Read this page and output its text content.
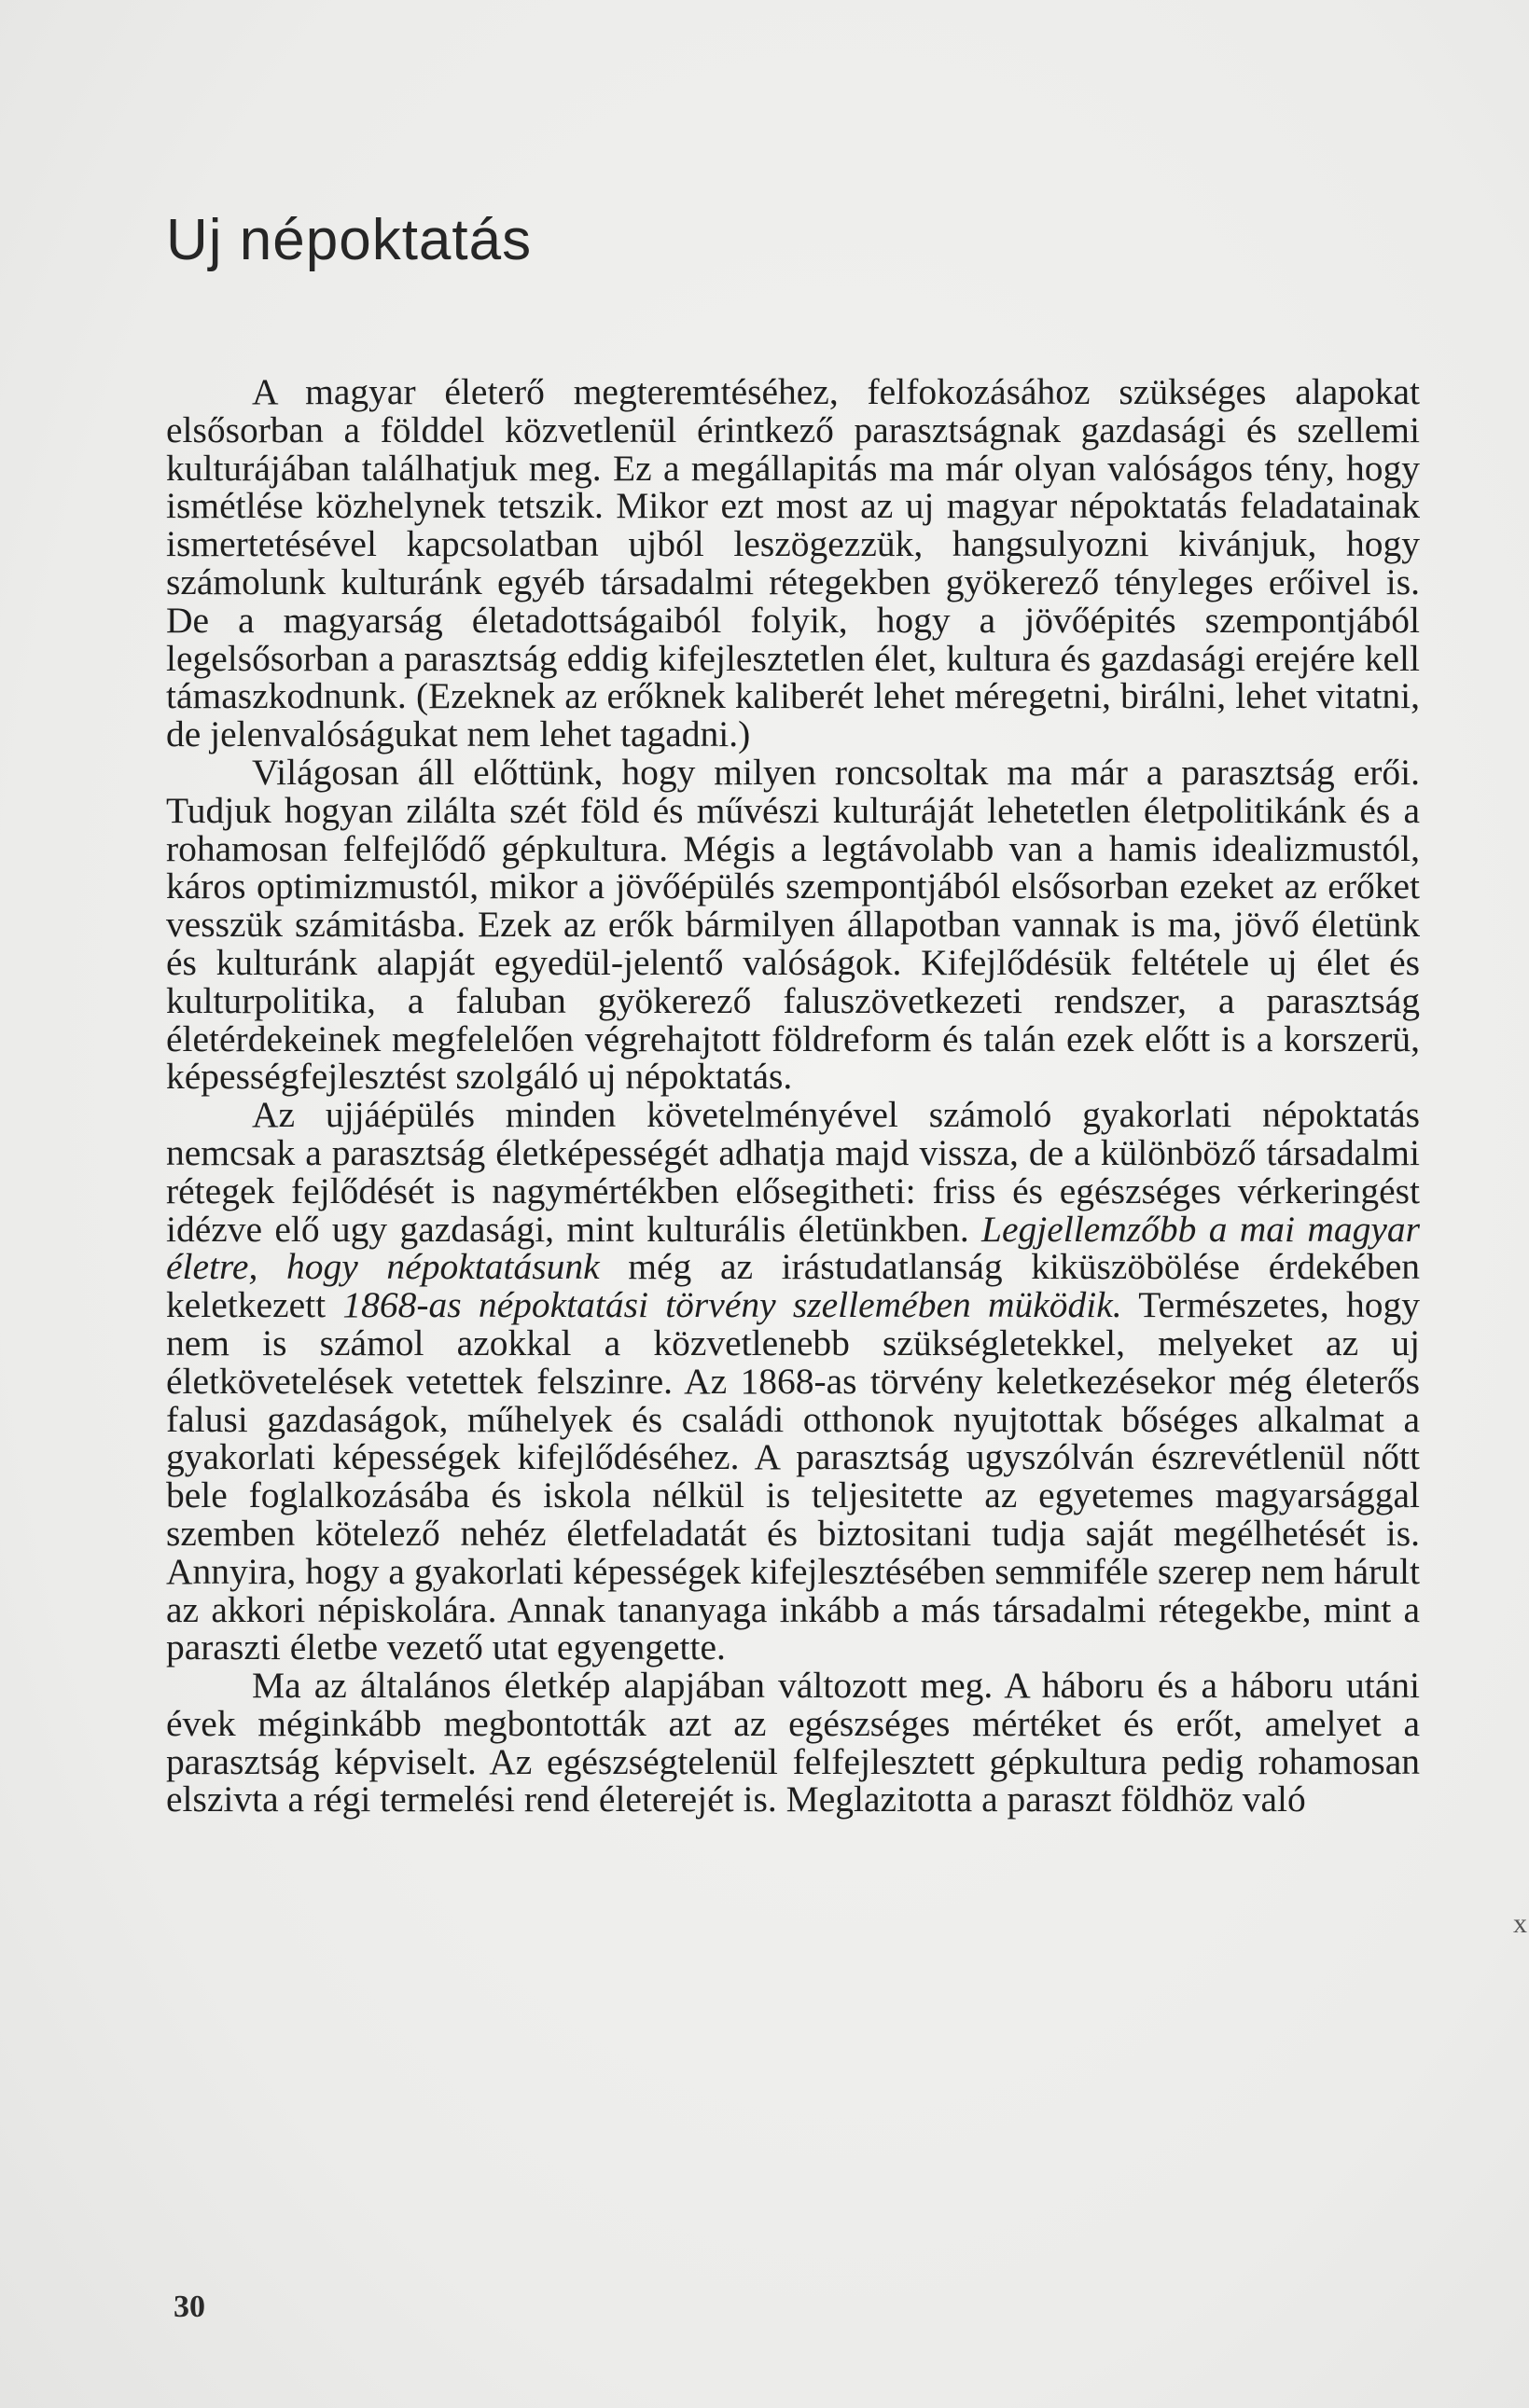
Uj népoktatás

A magyar életerő megteremtéséhez, felfokozásához szükséges alapokat elsősorban a földdel közvetlenül érintkező parasztságnak gazdasági és szellemi kulturájában találhatjuk meg. Ez a megállapitás ma már olyan valóságos tény, hogy ismétlése közhelynek tetszik. Mikor ezt most az uj magyar népoktatás feladatainak ismertetésével kapcsolatban ujból leszögezzük, hangsulyozni kivánjuk, hogy számolunk kulturánk egyéb társadalmi rétegekben gyökerező tényleges erőivel is. De a magyarság életadottságaiból folyik, hogy a jövőépités szempontjából legelsősorban a parasztság eddig kifejlesztetlen élet, kultura és gazdasági erejére kell támaszkodnunk. (Ezeknek az erőknek kaliberét lehet méregetni, birálni, lehet vitatni, de jelenvalóságukat nem lehet tagadni.)

Világosan áll előttünk, hogy milyen roncsoltak ma már a parasztság erői. Tudjuk hogyan zilálta szét föld és művészi kulturáját lehetetlen életpolitikánk és a rohamosan felfejlődő gépkultura. Mégis a legtávolabb van a hamis idealizmustól, káros optimizmustól, mikor a jövőépülés szempontjából elsősorban ezeket az erőket vesszük számitásba. Ezek az erők bármilyen állapotban vannak is ma, jövő életünk és kulturánk alapját egyedül-jelentő valóságok. Kifejlődésük feltétele uj élet és kulturpolitika, a faluban gyökerező faluszövetkezeti rendszer, a parasztság életérdekeinek megfelelően végrehajtott földreform és talán ezek előtt is a korszerü, képességfejlesztést szolgáló uj népoktatás.

Az ujjáépülés minden követelményével számoló gyakorlati népoktatás nemcsak a parasztság életképességét adhatja majd vissza, de a különböző társadalmi rétegek fejlődését is nagymértékben elősegitheti: friss és egészséges vérkeringést idézve elő ugy gazdasági, mint kulturális életünkben. Legjellemzőbb a mai magyar életre, hogy népoktatásunk még az irástudatlanság kiküszöbölése érdekében keletkezett 1868-as népoktatási törvény szellemében müködik. Természetes, hogy nem is számol azokkal a közvetlenebb szükségletekkel, melyeket az uj életkövetelések vetettek felszinre. Az 1868-as törvény keletkezésekor még életerős falusi gazdaságok, műhelyek és családi otthonok nyujtottak bőséges alkalmat a gyakorlati képességek kifejlődéséhez. A parasztság ugyszólván észrevétlenül nőtt bele foglalkozásába és iskola nélkül is teljesitette az egyetemes magyarsággal szemben kötelező nehéz életfeladatát és biztositani tudja saját megélhetését is. Annyira, hogy a gyakorlati képességek kifejlesztésében semmiféle szerep nem hárult az akkori népiskolára. Annak tananyaga inkább a más társadalmi rétegekbe, mint a paraszti életbe vezető utat egyengette.

Ma az általános életkép alapjában változott meg. A háboru és a háboru utáni évek méginkább megbontották azt az egészséges mértéket és erőt, amelyet a parasztság képviselt. Az egészségtelenül felfejlesztett gépkultura pedig rohamosan elszivta a régi termelési rend életerejét is. Meglazitotta a paraszt földhöz való

30
x
